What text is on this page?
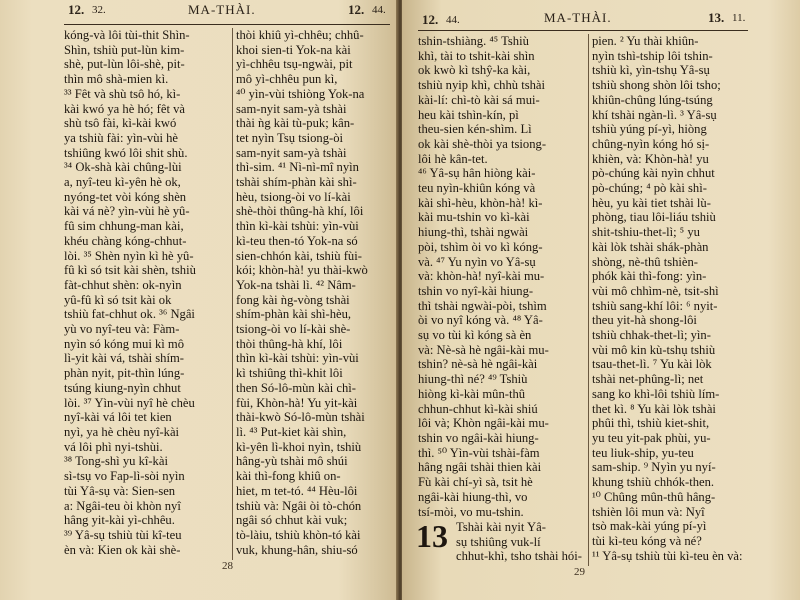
12. 32.	MA-THÀI.	12. 44.
kóng-và lôi tùi-thit Shìn-
Shìn, tshiù put-lùn kim-
shè, put-lùn lôi-shè, pit-
thìn mô shà-mien kì.
³³ Fêt và shù tsô hó, kì-
kài kwó ya hè hó; fêt và
shù tsô fài, kì-kài kwó
ya tshiù fài: yìn-vùi hè
tshiûng kwó lôi shit shù.
³⁴ Ok-shà kài chûng-lùi
a, nyî-teu kì-yên hè ok,
nyóng-tet vòi kóng shèn
kài vá nè? yìn-vùi hè yû-
fû sim chhung-man kài,
khéu chàng kóng-chhut-
lòi. ³⁵ Shèn nyìn kì hè yû-
fû kì só tsit kài shèn, tshiù
fàt-chhut shèn: ok-nyìn
yû-fû kì só tsit kài ok
tshiù fat-chhut ok. ³⁶ Ngâi
yù vo nyî-teu và: Fàm-
nyìn só kóng mui kì mô
lì-yit kài vá, tshài shím-
phàn nyit, pit-thìn lúng-
tsúng kiung-nyìn chhut
lòi. ³⁷ Yìn-vùi nyî hè chèu
nyî-kài vá lôi tet kien
nyì, ya hè chèu nyî-kài
vá lôi phì nyi-tshùi.
³⁸ Tong-shì yu kî-kài
sì-tsụ vo Fap-lì-sòi nyìn
tùi Yâ-sụ và: Sien-sen
a: Ngâi-teu òi khòn nyî
hâng yit-kài yì-chhêu.
³⁹ Yâ-sụ tshiù tùi kî-teu
èn và: Kien ok kài shè-
thòi khiû yì-chhêu; chhû-
khoi sien-ti Yok-na kài
yì-chhêu tsụ-ngwài, pit
mô yì-chhêu pun kì,
⁴⁰ yìn-vùi tshiòng Yok-na
sam-nyit sam-yà tshài
thài ǹg kài tù-puk; kân-
tet nyìn Tsụ tsiong-òi
sam-nyit sam-yà tshài
thì-sim. ⁴¹ Nì-nì-mî nyìn
tshài shím-phàn kài shì-
hèu, tsiong-òi vo lí-kài
shè-thòi thûng-hà khí, lôi
thìn kì-kài tshùi: yìn-vùi
kì-teu then-tó Yok-na só
sien-chhón kài, tshiù fùi-
kói; khòn-hà! yu thài-kwò
Yok-na tshài lì. ⁴² Nâm-
fong kài ǹg-vòng tshài
shím-phàn kài shì-hèu,
tsiong-òi vo lí-kài shè-
thòi thûng-hà khí, lôi
thìn kì-kài tshùi: yìn-vùi
kì tshiûng thì-khit lôi
then Só-lô-mùn kài chì-
fùi, Khòn-hà! Yu yit-kài
thài-kwò Só-lô-mùn tshài
lì. ⁴³ Put-kiet kài shìn,
kì-yên lì-khoi nyìn, tshiù
hâng-yù tshài mô shúi
kài thì-fong khiû on-
hiet, m tet-tó. ⁴⁴ Hèu-lôi
tshiù và: Ngâi òi tò-chón
ngâi só chhut kài vuk;
tò-làiu, tshiù khòn-tó kài
vuk, khung-hân, shiu-só
28
12. 44.	MA-THÀI.	13. 11.
tshin-tshiàng. ⁴⁵ Tshiù
khì, tài to tshit-kài shìn
ok kwò kì tshŷ-ka kài,
tshiù nyip khì, chhù tshài
kài-lí: chì-tò kài sá mui-
heu kài tshìn-kín, pì
theu-sien kén-shìm. Lì
ok kài shè-thòi ya tsiong-
lôi hè kân-tet.
⁴⁶ Yâ-sụ hân hiòng kài-
teu nyìn-khiûn kóng và
kài shì-hèu, khòn-hà! kì-
kài mu-tshin vo kì-kài
hiung-thì, tshài ngwài
pòi, tshìm òi vo kì kóng-
và. ⁴⁷ Yu nyìn vo Yâ-sụ
và: khòn-hà! nyî-kài mu-
tshin vo nyî-kài hiung-
thì tshài ngwài-pòi, tshìm
òi vo nyî kóng và. ⁴⁸ Yâ-
sụ vo tùi kì kóng sà èn
và: Nè-sà hè ngâi-kài mu-
tshin? nè-sà hè ngâi-kài
hiung-thì né? ⁴⁹ Tshiù
hiòng kì-kài mûn-thû
chhun-chhut kì-kài shiú
lôi và; Khòn ngâi-kài mu-
tshin vo ngâi-kài hiung-
thì. ⁵⁰ Yìn-vùi tshài-fàm
hâng ngâi tshài thien kài
Fù kài chí-yì sà, tsit hè
ngâi-kài hiung-thì, vo
tsí-mòi, vo mu-tshin.
13 Tshài kài nyit Yâ-
sụ tshiûng vuk-lí
chhut-khì, tsho tshài hói-
pien. ² Yu thài khiûn-
nyìn tshì-tship lôi tshin-
tshiù kì, yìn-tshụ Yâ-sụ
tshiù shong shòn lôi tsho;
khiûn-chûng lúng-tsúng
khí tshài ngàn-lì. ³ Yâ-sụ
tshiù yúng pí-yì, hiòng
chûng-nyìn kóng hó sị-
khièn, và: Khòn-hà! yu
pò-chúng kài nyìn chhut
pò-chúng; ⁴ pò kài shì-
hèu, yu kài tiet tshài lù-
phòng, tiau lôi-liáu tshiù
shit-tshiu-thet-lì; ⁵ yu
kài lòk tshài shák-phàn
shòng, nè-thû tshièn-
phók kài thì-fong: yìn-
vùi mô chhìm-nè, tsit-shì
tshiù sang-khí lôi: ⁶ nyit-
theu yit-hà shong-lôi
tshiù chhak-thet-lì; yìn-
vùi mô kin kù-tshụ tshiù
tsau-thet-lì. ⁷ Yu kài lòk
tshài net-phûng-lì; net
sang ko khì-lôi tshiù lím-
thet kì. ⁸ Yu kài lòk tshài
phûi thì, tshiù kiet-shit,
yu teu yit-pak phùi, yu-
teu liuk-ship, yu-teu
sam-ship. ⁹ Nyìn yu nyí-
khung tshiù chhók-then.
¹⁰ Chûng mûn-thû hâng-
tshièn lôi mun và: Nyî
tsò mak-kài yúng pí-yì
tùi kì-teu kóng và né?
¹¹ Yâ-sụ tshiù tùi kì-teu èn và:
29
